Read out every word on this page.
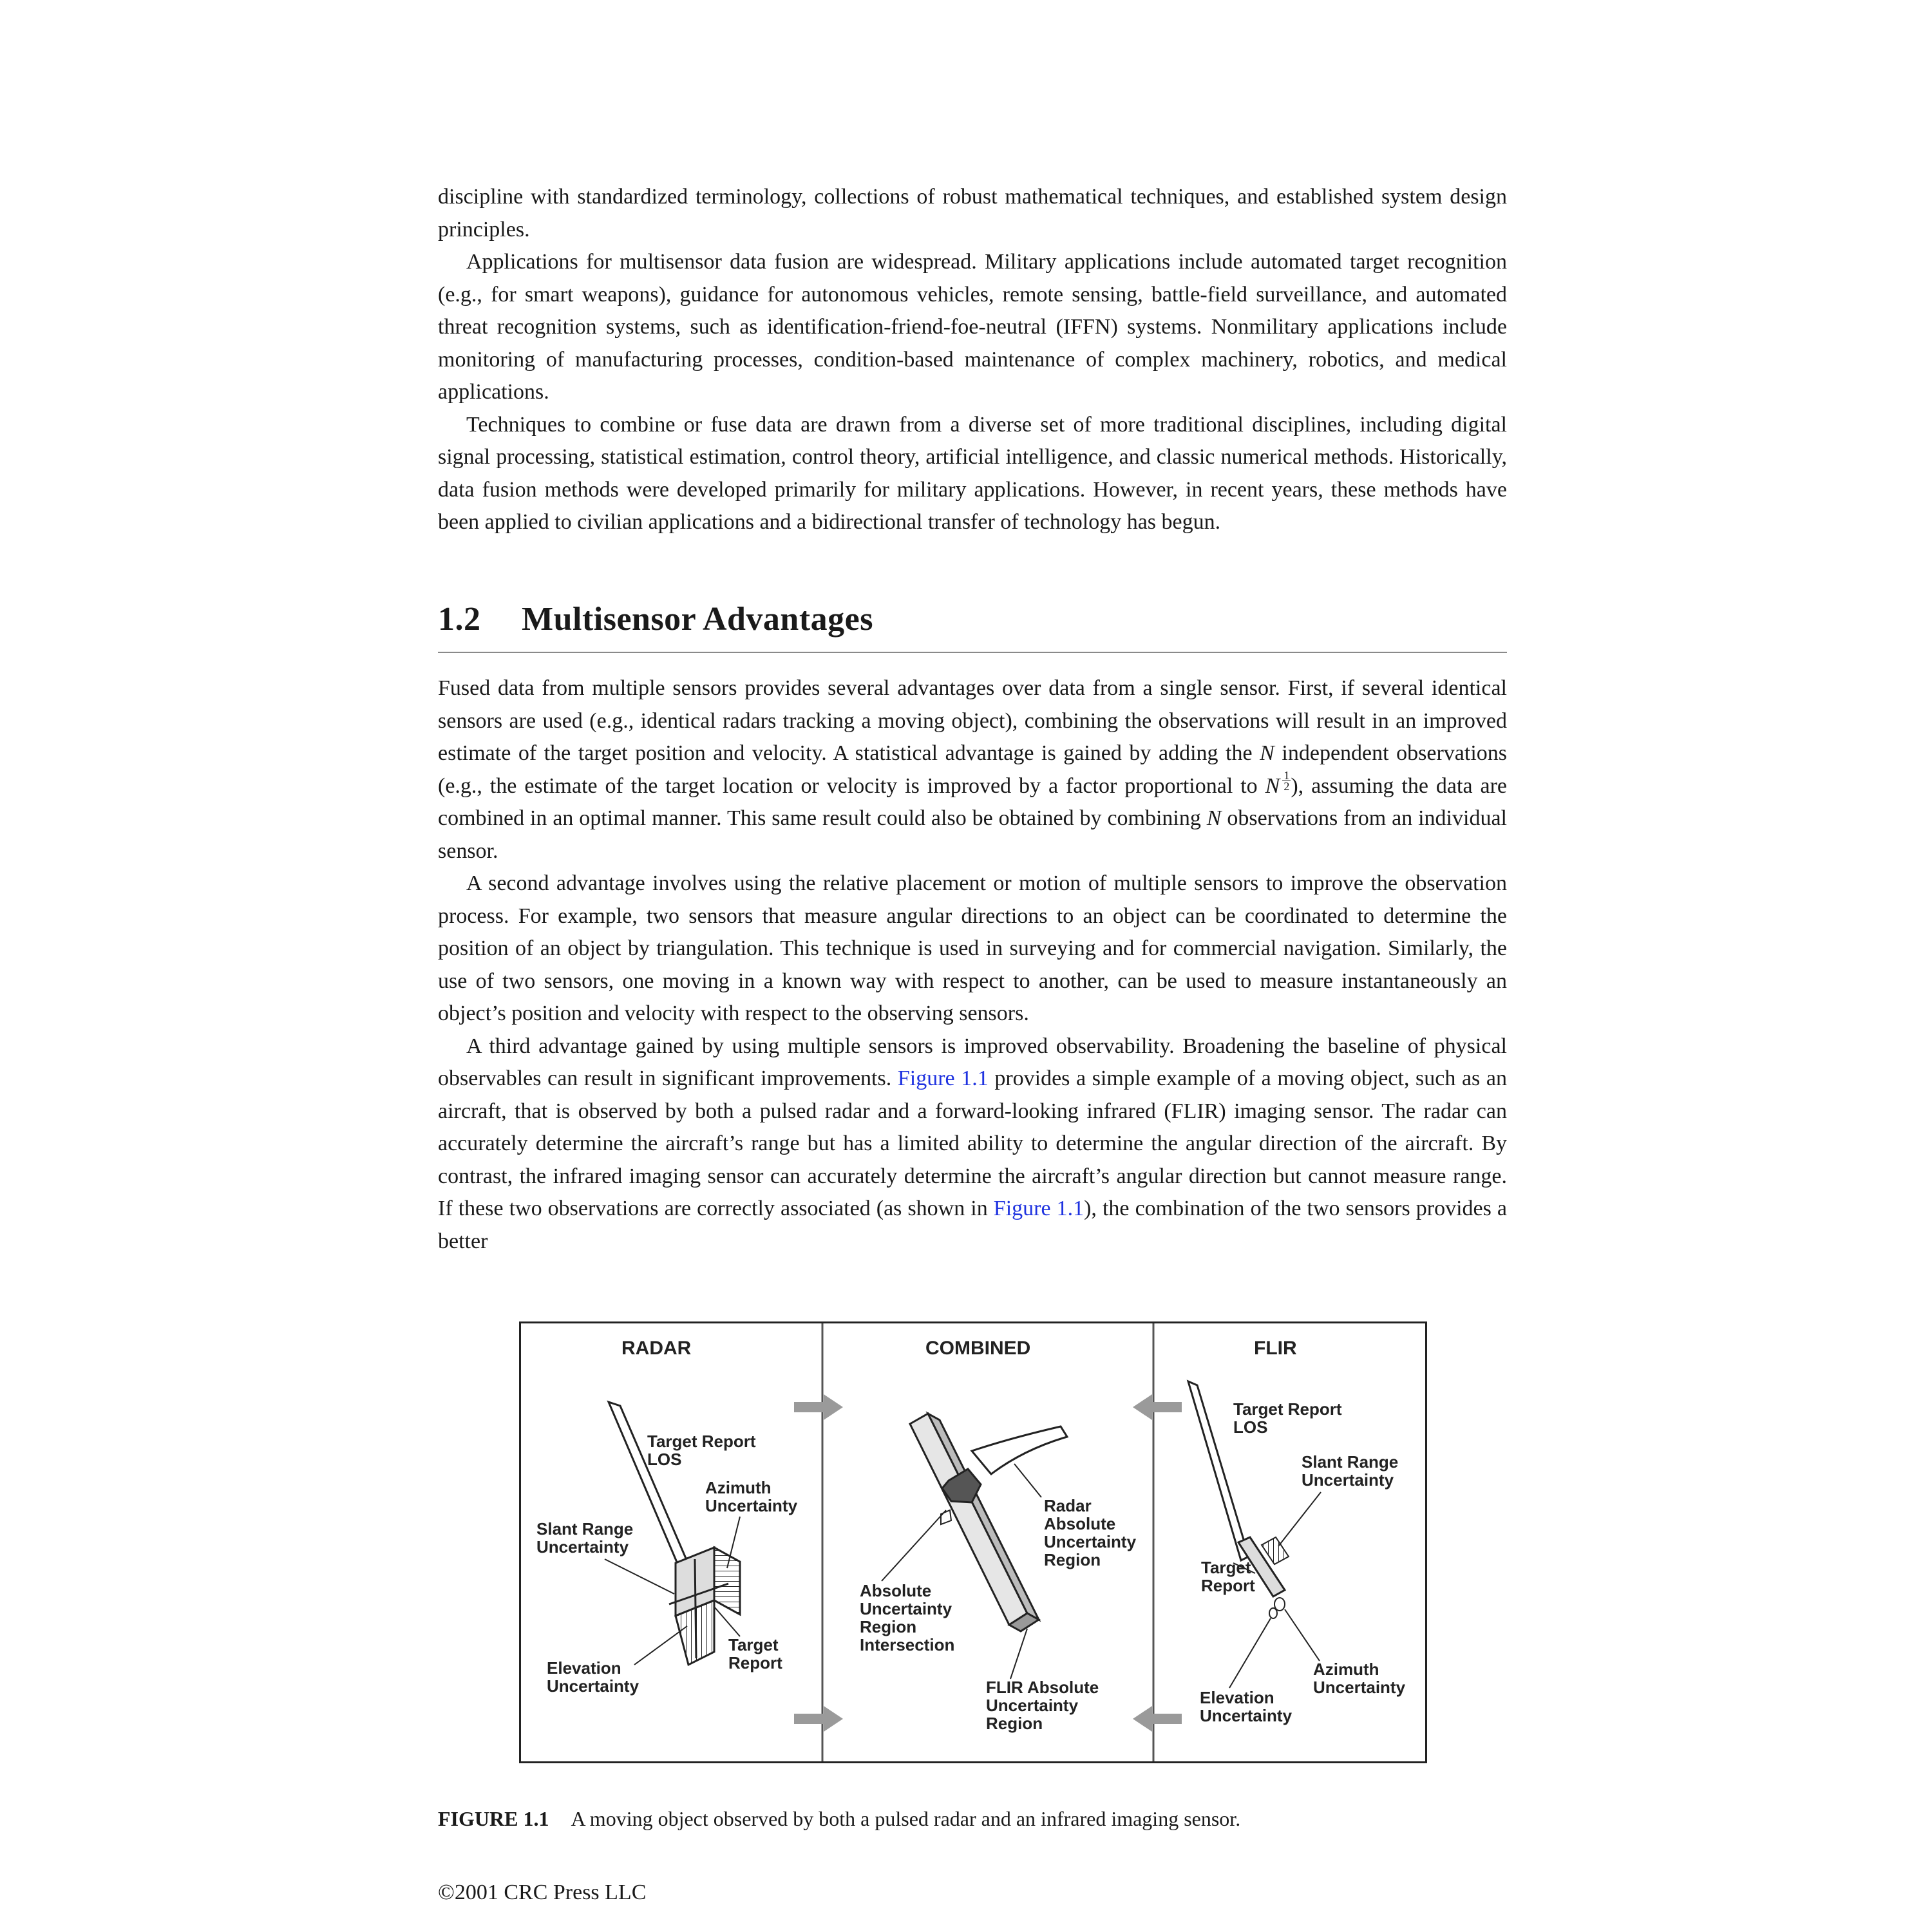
discipline with standardized terminology, collections of robust mathematical techniques, and established system design principles.

Applications for multisensor data fusion are widespread. Military applications include automated target recognition (e.g., for smart weapons), guidance for autonomous vehicles, remote sensing, battle-field surveillance, and automated threat recognition systems, such as identification-friend-foe-neutral (IFFN) systems. Nonmilitary applications include monitoring of manufacturing processes, condition-based maintenance of complex machinery, robotics, and medical applications.

Techniques to combine or fuse data are drawn from a diverse set of more traditional disciplines, including digital signal processing, statistical estimation, control theory, artificial intelligence, and classic numerical methods. Historically, data fusion methods were developed primarily for military applications. However, in recent years, these methods have been applied to civilian applications and a bidirectional transfer of technology has begun.

1.2 Multisensor Advantages

Fused data from multiple sensors provides several advantages over data from a single sensor. First, if several identical sensors are used (e.g., identical radars tracking a moving object), combining the observations will result in an improved estimate of the target position and velocity. A statistical advantage is gained by adding the N independent observations (e.g., the estimate of the target location or velocity is improved by a factor proportional to N $\frac{1}{2}$ ), assuming the data are combined in an optimal manner. This same result could also be obtained by combining N observations from an individual sensor.

A second advantage involves using the relative placement or motion of multiple sensors to improve the observation process. For example, two sensors that measure angular directions to an object can be coordinated to determine the position of an object by triangulation. This technique is used in surveying and for commercial navigation. Similarly, the use of two sensors, one moving in a known way with respect to another, can be used to measure instantaneously an object’s position and velocity with respect to the observing sensors.

A third advantage gained by using multiple sensors is improved observability. Broadening the baseline of physical observables can result in significant improvements. Figure 1.1 provides a simple example of a moving object, such as an aircraft, that is observed by both a pulsed radar and a forward-looking infrared (FLIR) imaging sensor. The radar can accurately determine the aircraft’s range but has a limited ability to determine the angular direction of the aircraft. By contrast, the infrared imaging sensor can accurately determine the aircraft’s angular direction but cannot measure range. If these two observations are correctly associated (as shown in Figure 1.1), the combination of the two sensors provides a better

RADAR	COMBINED	FLIR
Target Report
LOS
Azimuth
Uncertainty
Slant Range
Uncertainty
Elevation
Uncertainty
Target
Report
Radar
Absolute
Uncertainty
Region
Absolute
Uncertainty
Region
Intersection
FLIR Absolute
Uncertainty
Region
Target Report
LOS
Slant Range
Uncertainty
Target
Report
Azimuth
Uncertainty
Elevation
Uncertainty
FIGURE 1.1 A moving object observed by both a pulsed radar and an infrared imaging sensor.
©2001 CRC Press LLC
